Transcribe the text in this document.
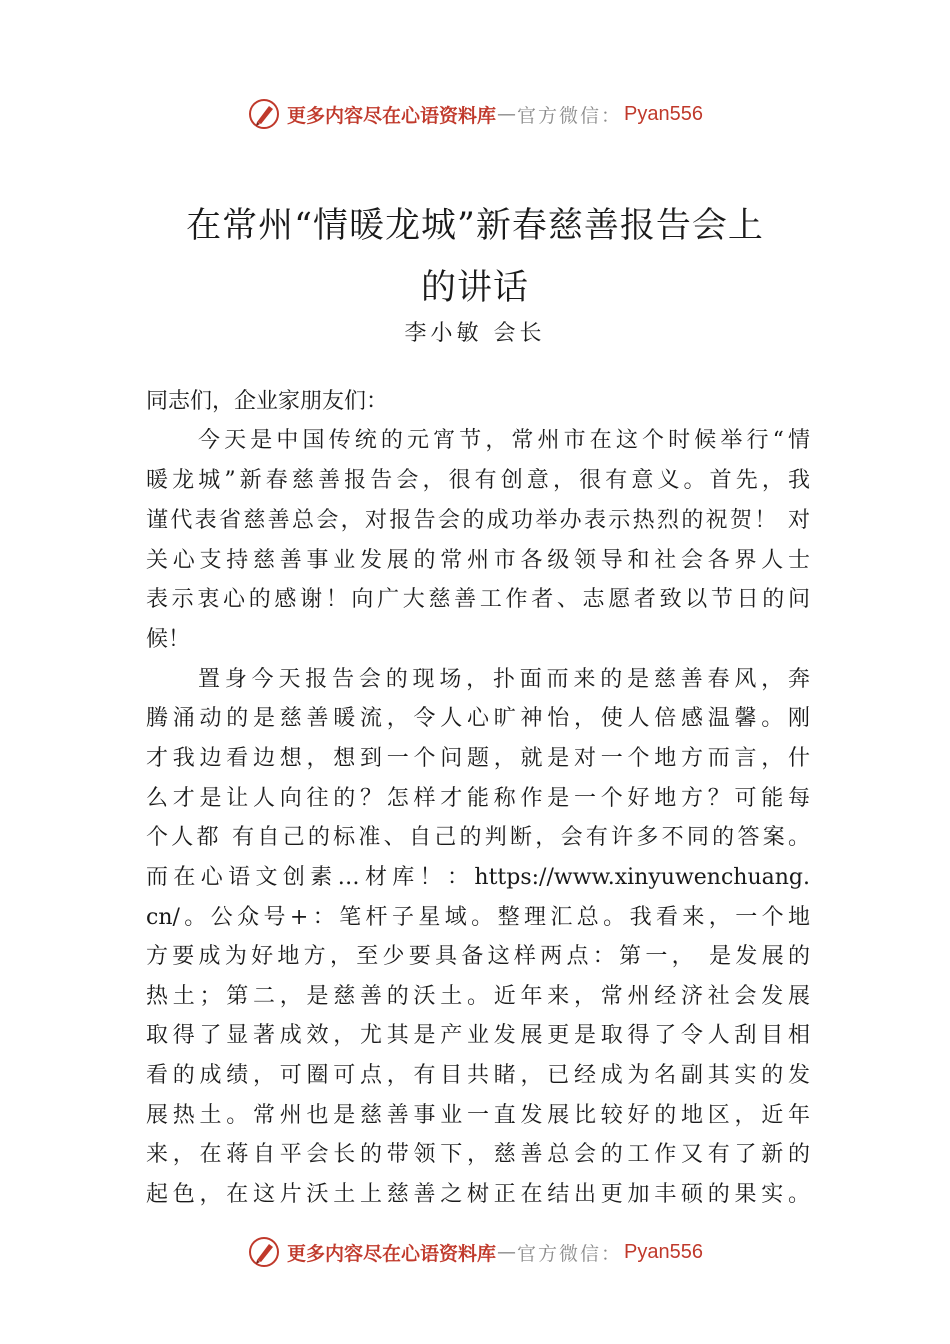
更多内容尽在心语资料库 — 官方微信： Pyan556
在常州“情暖龙城”新春慈善报告会上
的讲话
李小敏 会长
同志们，企业家朋友们：
今天是中国传统的元宵节，常州市在这个时候举行“情
暖龙城”新春慈善报告会，很有创意，很有意义。首先，我
谨代表省慈善总会，对报告会的成功举办表示热烈的祝贺！ 对
关心支持慈善事业发展的常州市各级领导和社会各界人士
表示衷心的感谢！向广大慈善工作者、志愿者致以节日的问
候！
置身今天报告会的现场，扑面而来的是慈善春风，奔
腾涌动的是慈善暖流，令人心旷神怡，使人倍感温馨。刚
才我边看边想，想到一个问题，就是对一个地方而言，什
么才是让人向往的？怎样才能称作是一个好地方？可能每
个人都 有自己的标准、自己的判断，会有许多不同的答案。
而在心语文创素…材库！：https://www.xinyuwenchuang.
cn/。公众号+：笔杆子星域。整理汇总。我看来，一个地
方要成为好地方，至少要具备这样两点：第一， 是发展的
热土；第二，是慈善的沃土。近年来，常州经济社会发展
取得了显著成效，尤其是产业发展更是取得了令人刮目相
看的成绩，可圈可点，有目共睹，已经成为名副其实的发
展热土。常州也是慈善事业一直发展比较好的地区，近年
来，在蒋自平会长的带领下，慈善总会的工作又有了新的
起色，在这片沃土上慈善之树正在结出更加丰硕的果实。
更多内容尽在心语资料库 — 官方微信： Pyan556
